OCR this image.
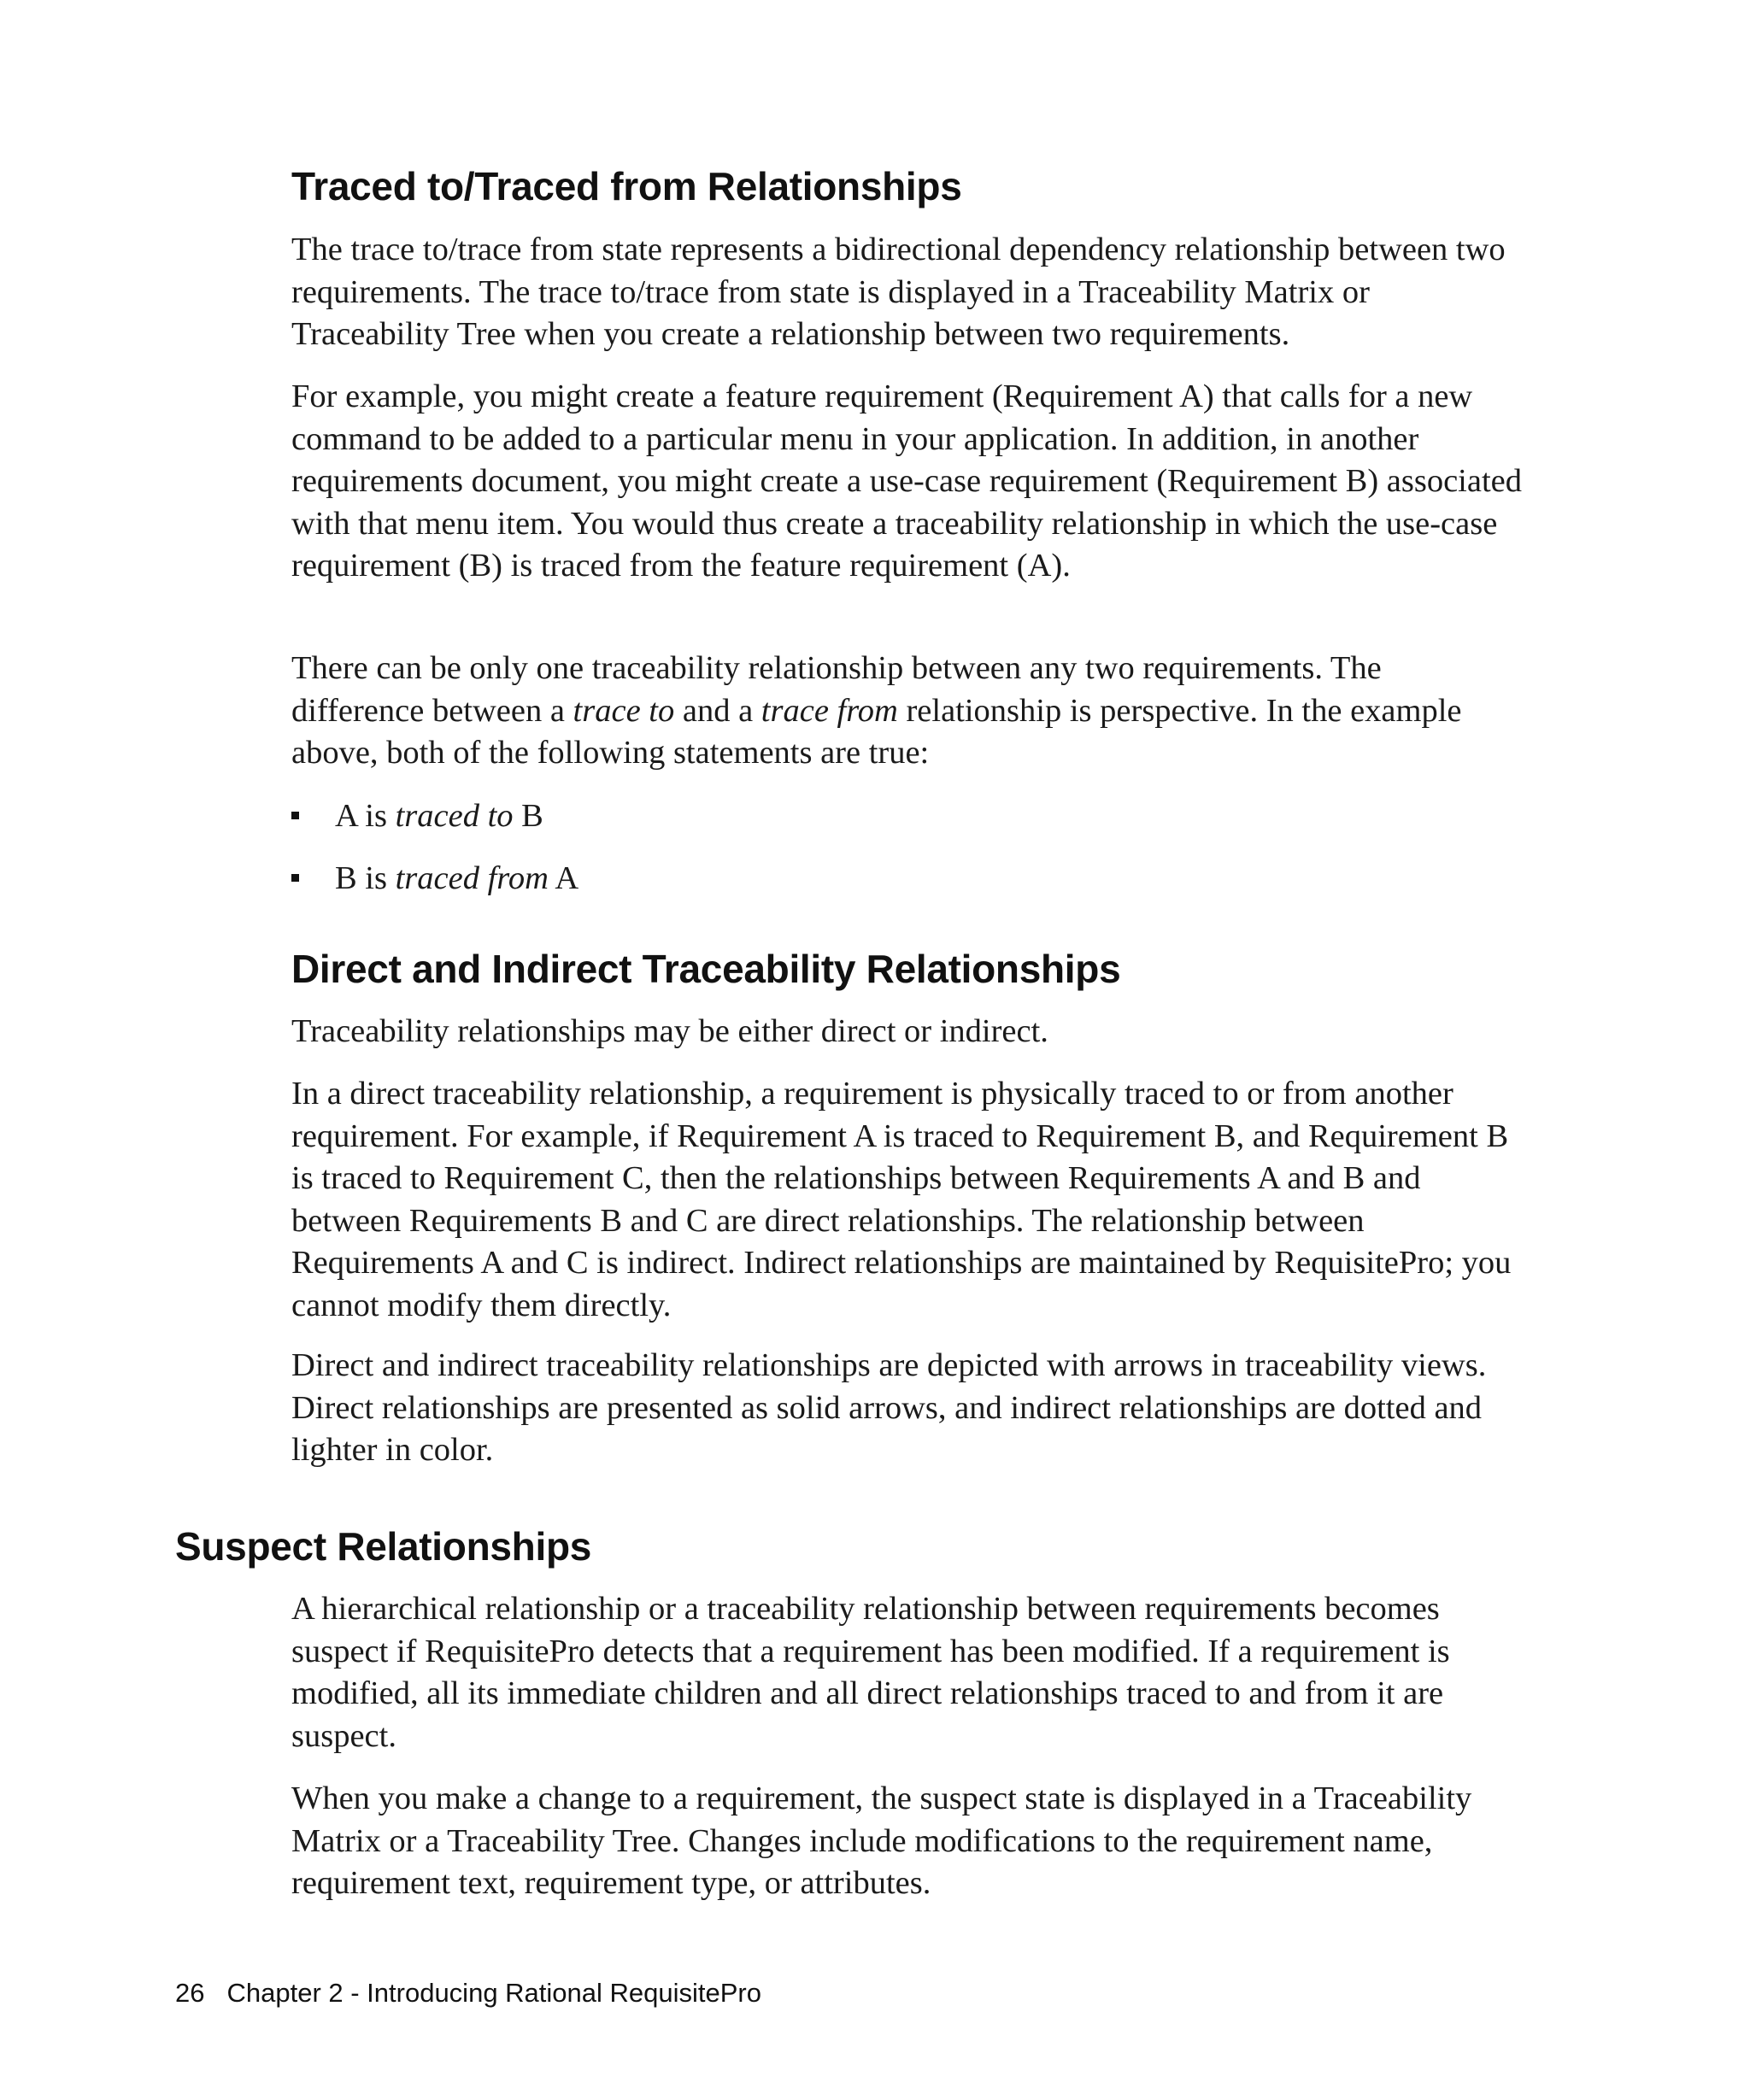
Traced to/Traced from Relationships

The trace to/trace from state represents a bidirectional dependency relationship between two requirements. The trace to/trace from state is displayed in a Traceability Matrix or Traceability Tree when you create a relationship between two requirements.

For example, you might create a feature requirement (Requirement A) that calls for a new command to be added to a particular menu in your application. In addition, in another requirements document, you might create a use-case requirement (Requirement B) associated with that menu item. You would thus create a traceability relationship in which the use-case requirement (B) is traced from the feature requirement (A).

There can be only one traceability relationship between any two requirements. The difference between a trace to and a trace from relationship is perspective. In the example above, both of the following statements are true:

A is traced to B

B is traced from A

Direct and Indirect Traceability Relationships

Traceability relationships may be either direct or indirect.

In a direct traceability relationship, a requirement is physically traced to or from another requirement. For example, if Requirement A is traced to Requirement B, and Requirement B is traced to Requirement C, then the relationships between Requirements A and B and between Requirements B and C are direct relationships. The relationship between Requirements A and C is indirect. Indirect relationships are maintained by RequisitePro; you cannot modify them directly.

Direct and indirect traceability relationships are depicted with arrows in traceability views. Direct relationships are presented as solid arrows, and indirect relationships are dotted and lighter in color.

Suspect Relationships

A hierarchical relationship or a traceability relationship between requirements becomes suspect if RequisitePro detects that a requirement has been modified. If a requirement is modified, all its immediate children and all direct relationships traced to and from it are suspect.

When you make a change to a requirement, the suspect state is displayed in a Traceability Matrix or a Traceability Tree. Changes include modifications to the requirement name, requirement text, requirement type, or attributes.

26 Chapter 2 - Introducing Rational RequisitePro
